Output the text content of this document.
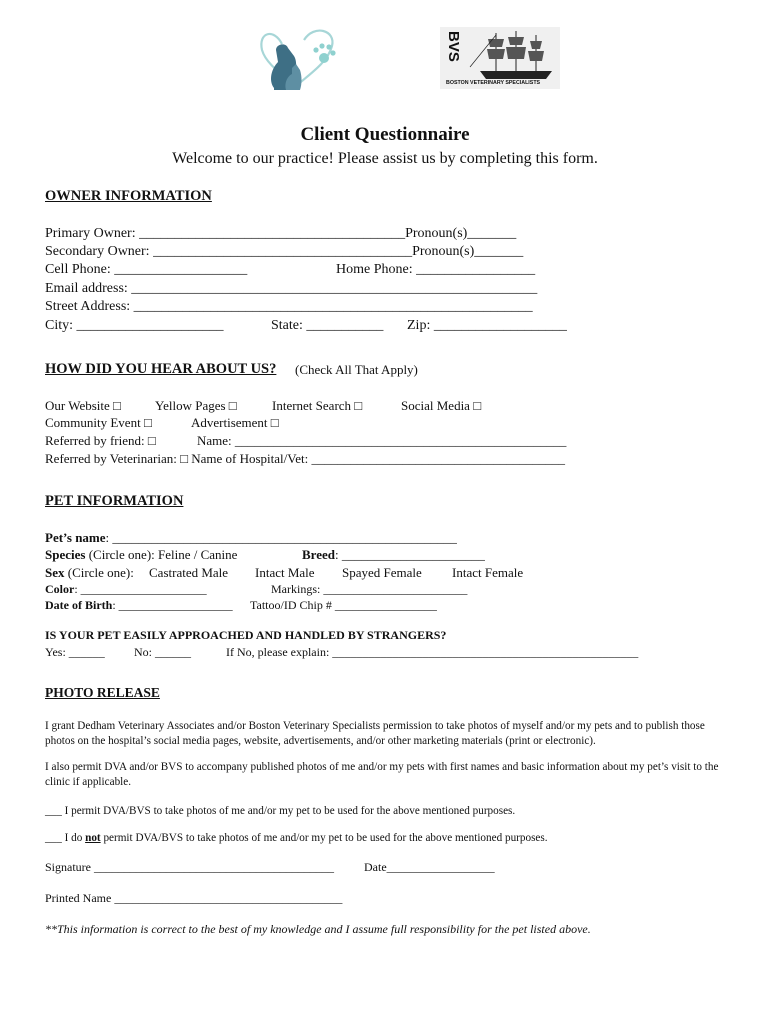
BVS
BOSTON VETERINARY SPECIALISTS
Client Questionnaire
Welcome to our practice! Please assist us by completing this form.
OWNER INFORMATION
Primary Owner: ______________________________________Pronoun(s)_______
Secondary Owner: _____________________________________Pronoun(s)_______
Cell Phone: ___________________	Home Phone: _________________
Email address: __________________________________________________________
Street Address: _________________________________________________________
City: _____________________	State: ___________ Zip: ___________________
HOW DID YOU HEAR ABOUT US? (Check All That Apply)
Our Website □	Yellow Pages □	Internet Search □	Social Media □
Community Event □	Advertisement □
Referred by friend: □	Name: ___________________________________________________
Referred by Veterinarian: □ Name of Hospital/Vet: _______________________________________
PET INFORMATION
Pet’s name: _____________________________________________________
Species (Circle one): Feline / Canine	Breed: ______________________
Sex (Circle one): Castrated Male Intact Male Spayed Female Intact Female
Color: _____________________	Markings: ________________________
Date of Birth: ___________________ Tattoo/ID Chip # _________________
IS YOUR PET EASILY APPROACHED AND HANDLED BY STRANGERS?
Yes: ______ No: ______	If No, please explain: ___________________________________________________
PHOTO RELEASE
I grant Dedham Veterinary Associates and/or Boston Veterinary Specialists permission to take photos of myself and/or my pets and to publish those photos on the hospital’s social media pages, website, advertisements, and/or other marketing materials (print or electronic).
I also permit DVA and/or BVS to accompany published photos of me and/or my pets with first names and basic information about my pet’s visit to the clinic if applicable.
___ I permit DVA/BVS to take photos of me and/or my pet to be used for the above mentioned purposes.
___ I do not permit DVA/BVS to take photos of me and/or my pet to be used for the above mentioned purposes.
Signature ________________________________________	Date__________________
Printed Name ______________________________________
**This information is correct to the best of my knowledge and I assume full responsibility for the pet listed above.
